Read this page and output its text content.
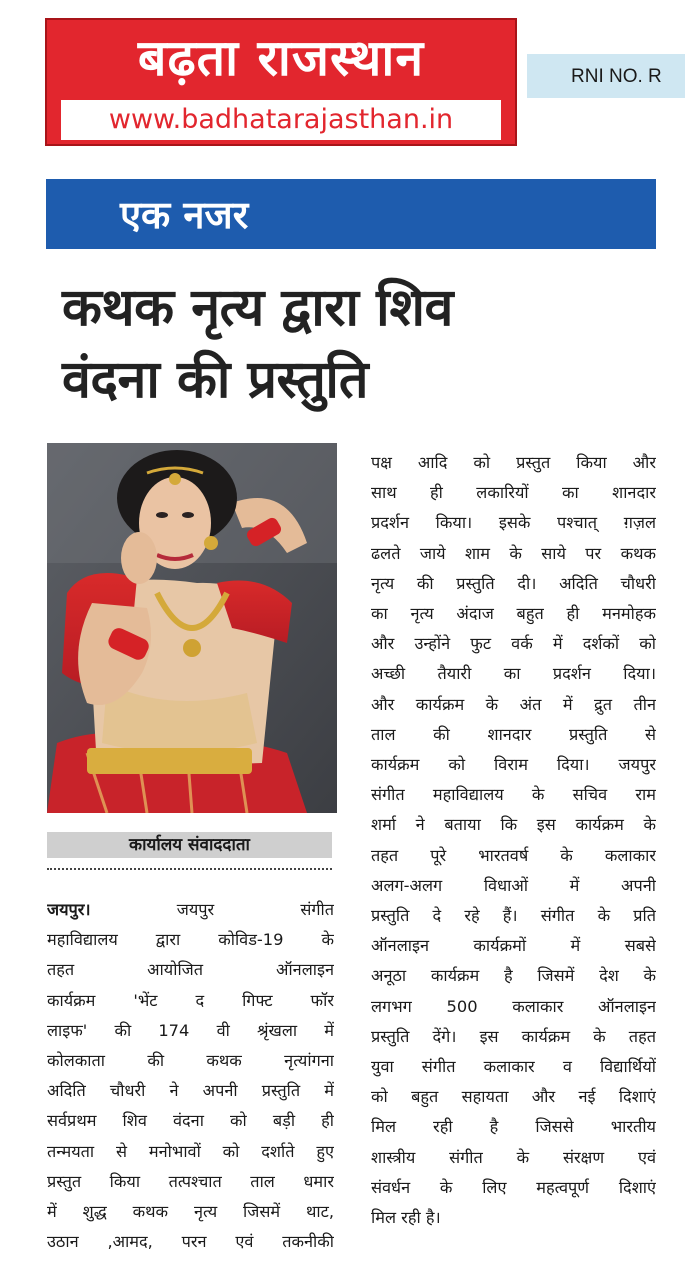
बढ़ता राजस्थान
www.badhatarajasthan.in
RNI NO. R
एक नजर
कथक नृत्य द्वारा शिव
वंदना की प्रस्तुति
कार्यालय संवाददाता
जयपुर। जयपुर संगीत
महाविद्यालय द्वारा कोविड-19 के
तहत आयोजित ऑनलाइन
कार्यक्रम 'भेंट द गिफ्ट फॉर
लाइफ' की 174 वी श्रृंखला में
कोलकाता की कथक नृत्यांगना
अदिति चौधरी ने अपनी प्रस्तुति में
सर्वप्रथम शिव वंदना को बड़ी ही
तन्मयता से मनोभावों को दर्शाते हुए
प्रस्तुत किया तत्पश्चात ताल धमार
में शुद्ध कथक नृत्य जिसमें थाट,
उठान ,आमद, परन एवं तकनीकी
पक्ष आदि को प्रस्तुत किया और
साथ ही लकारियों का शानदार
प्रदर्शन किया। इसके पश्चात् ग़ज़ल
ढलते जाये शाम के साये पर कथक
नृत्य की प्रस्तुति दी। अदिति चौधरी
का नृत्य अंदाज बहुत ही मनमोहक
और उन्होंने फुट वर्क में दर्शकों को
अच्छी तैयारी का प्रदर्शन दिया।
और कार्यक्रम के अंत में द्रुत तीन
ताल की शानदार प्रस्तुति से
कार्यक्रम को विराम दिया। जयपुर
संगीत महाविद्यालय के सचिव राम
शर्मा ने बताया कि इस कार्यक्रम के
तहत पूरे भारतवर्ष के कलाकार
अलग-अलग विधाओं में अपनी
प्रस्तुति दे रहे हैं। संगीत के प्रति
ऑनलाइन कार्यक्रमों में सबसे
अनूठा कार्यक्रम है जिसमें देश के
लगभग 500 कलाकार ऑनलाइन
प्रस्तुति देंगे। इस कार्यक्रम के तहत
युवा संगीत कलाकार व विद्यार्थियों
को बहुत सहायता और नई दिशाएं
मिल रही है जिससे भारतीय
शास्त्रीय संगीत के संरक्षण एवं
संवर्धन के लिए महत्वपूर्ण दिशाएं
मिल रही है।
